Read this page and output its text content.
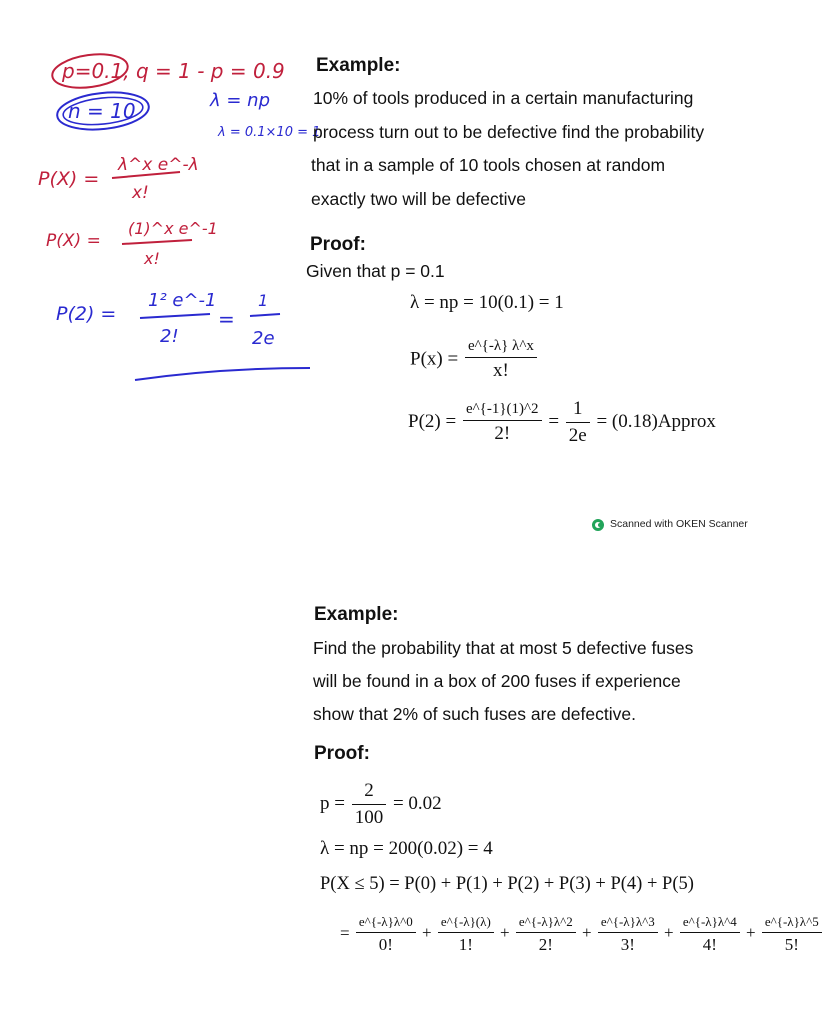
p=0.1, q = 1 - p = 0.9
n = 10	λ = np
λ = 0.1×10 = 1
P(X) =
λ^x e^-λ
x!
P(X) =
(1)^x e^-1
x!
P(2) =
1² e^-1
2!
=
1
2e
Example:
10% of tools produced in a certain manufacturing
process turn out to be defective find the probability
that in a sample of 10 tools chosen at random
exactly two will be defective
Proof:
Given that p = 0.1
λ = np = 10(0.1) = 1
$P(x) = \frac{e\^{}\{-\lambda\} \lambda\^{}x}{x!}$
$P(2) = \frac{e\^{}\{-1\}(1)\^{}2}{2!} = \frac{1}{2e}$ = (0.18)Approx
Scanned with OKEN Scanner
Example:
Find the probability that at most 5 defective fuses
will be found in a box of 200 fuses if experience
show that 2% of such fuses are defective.
Proof:
$p = \frac{2}{100} = 0.02$
λ = np = 200(0.02) = 4
P(X ≤ 5) = P(0) + P(1) + P(2) + P(3) + P(4) + P(5)
= $\frac{e\^{}\{-\lambda\}\lambda\^{}0}{0!} + \frac{e\^{}\{-\lambda\}(\lambda)}{1!} + \frac{e\^{}\{-\lambda\}\lambda\^{}2}{2!} + \frac{e\^{}\{-\lambda\}\lambda\^{}3}{3!} + \frac{e\^{}\{-\lambda\}\lambda\^{}4}{4!} + \frac{e\^{}\{-\lambda\}\lambda\^{}5}{5!}$
